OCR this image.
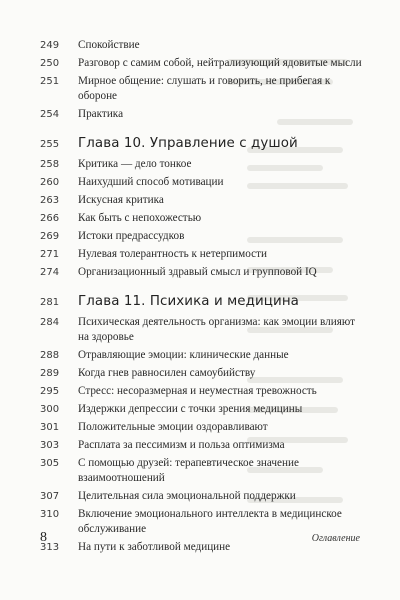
249	Спокойствие
250	Разговор с самим собой, нейтрализующий ядовитые мысли
251	Мирное общение: слушать и говорить, не прибегая к обороне
254	Практика
255	Глава 10. Управление с душой
258	Критика — дело тонкое
260	Наихудший способ мотивации
263	Искусная критика
266	Как быть с непохожестью
269	Истоки предрассудков
271	Нулевая толерантность к нетерпимости
274	Организационный здравый смысл и групповой IQ
281	Глава 11. Психика и медицина
284	Психическая деятельность организма: как эмоции влияют
на здоровье
288	Отравляющие эмоции: клинические данные
289	Когда гнев равносилен самоубийству
295	Стресс: несоразмерная и неуместная тревожность
300	Издержки депрессии с точки зрения медицины
301	Положительные эмоции оздоравливают
303	Расплата за пессимизм и польза оптимизма
305	С помощью друзей: терапевтическое значение
взаимоотношений
307	Целительная сила эмоциональной поддержки
310	Включение эмоционального интеллекта в медицинское
обслуживание
313	На пути к заботливой медицине
8	Оглавление
